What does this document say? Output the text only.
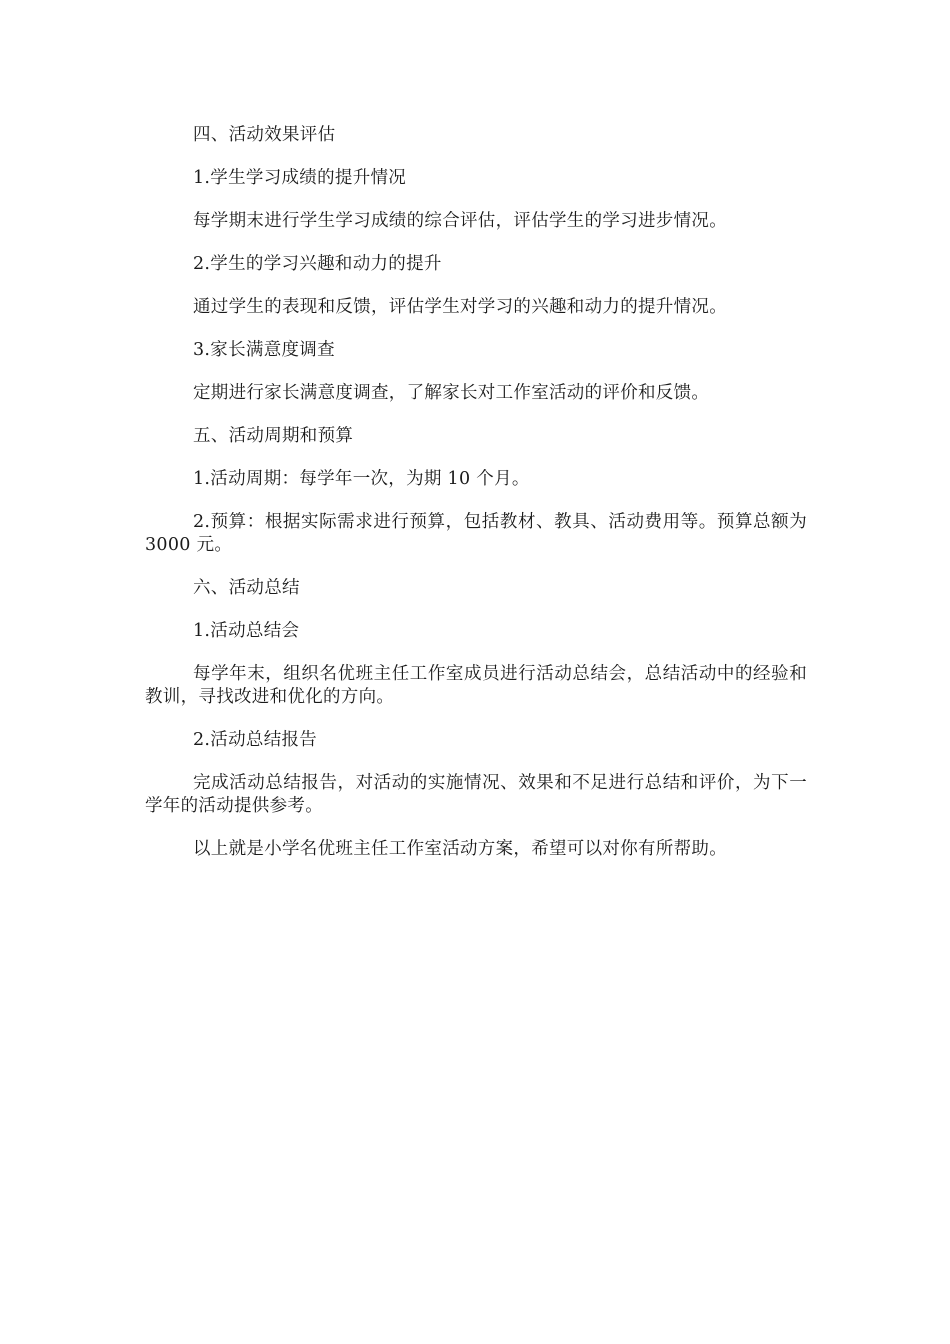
四、活动效果评估

1.学生学习成绩的提升情况

每学期末进行学生学习成绩的综合评估，评估学生的学习进步情况。

2.学生的学习兴趣和动力的提升

通过学生的表现和反馈，评估学生对学习的兴趣和动力的提升情况。

3.家长满意度调查

定期进行家长满意度调查，了解家长对工作室活动的评价和反馈。

五、活动周期和预算

1.活动周期：每学年一次，为期 10 个月。

2.预算：根据实际需求进行预算，包括教材、教具、活动费用等。预算总额为 3000 元。

六、活动总结

1.活动总结会

每学年末，组织名优班主任工作室成员进行活动总结会，总结活动中的经验和教训，寻找改进和优化的方向。

2.活动总结报告

完成活动总结报告，对活动的实施情况、效果和不足进行总结和评价，为下一学年的活动提供参考。

以上就是小学名优班主任工作室活动方案，希望可以对你有所帮助。
